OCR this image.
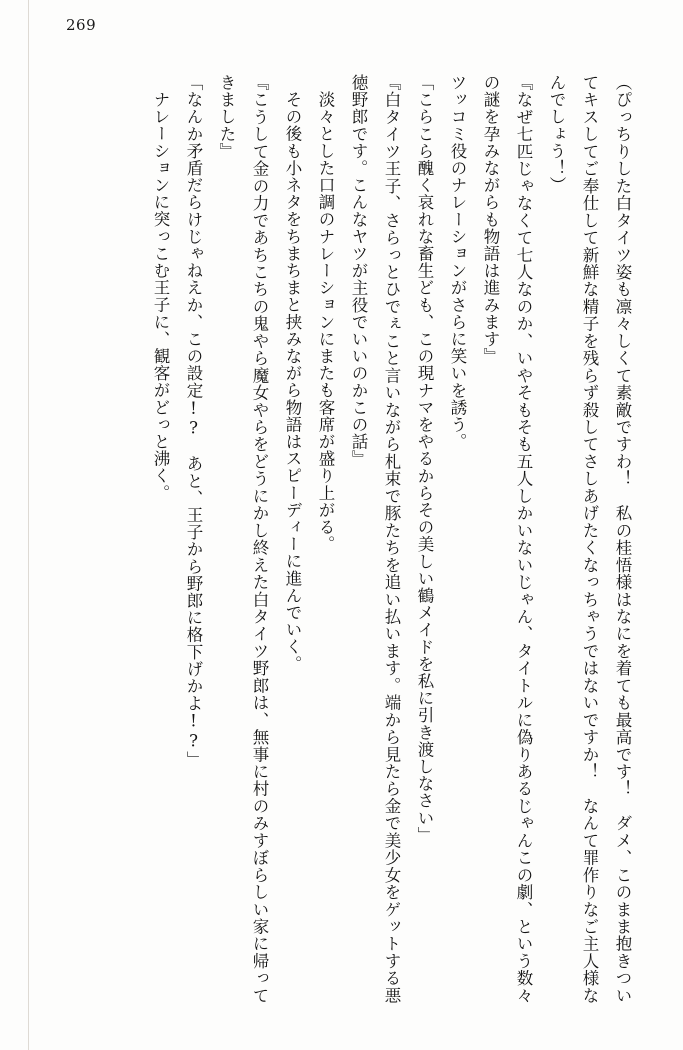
269

（ぴっちりした白タイツ姿も凛々しくて素敵ですわ！　私の桂悟様はなにを着ても最高です！　ダメ、このまま抱きついてキスしてご奉仕して新鮮な精子を残らず殺してさしあげたくなっちゃうではないですか！　なんて罪作りなご主人様なんでしょう！）

『なぜ七匹じゃなくて七人なのか、いやそもそも五人しかいないじゃん、タイトルに偽りあるじゃんこの劇、という数々の謎を孕みながらも物語は進みます』

ツッコミ役のナレーションがさらに笑いを誘う。

「こらこら醜く哀れな畜生ども、この現ナマをやるからその美しい鶴メイドを私に引き渡しなさい」

『白タイツ王子、さらっとひでぇこと言いながら札束で豚たちを追い払います。端から見たら金で美少女をゲットする悪徳野郎です。こんなヤツが主役でいいのかこの話』

淡々とした口調のナレーションにまたも客席が盛り上がる。

その後も小ネタをちまちまと挟みながら物語はスピーディーに進んでいく。

『こうして金の力であちこちの鬼やら魔女やらをどうにかし終えた白タイツ野郎は、無事に村のみすぼらしい家に帰ってきました』

「なんか矛盾だらけじゃねえか、この設定!?　あと、王子から野郎に格下げかよ!?」

ナレーションに突っこむ王子に、観客がどっと沸く。
